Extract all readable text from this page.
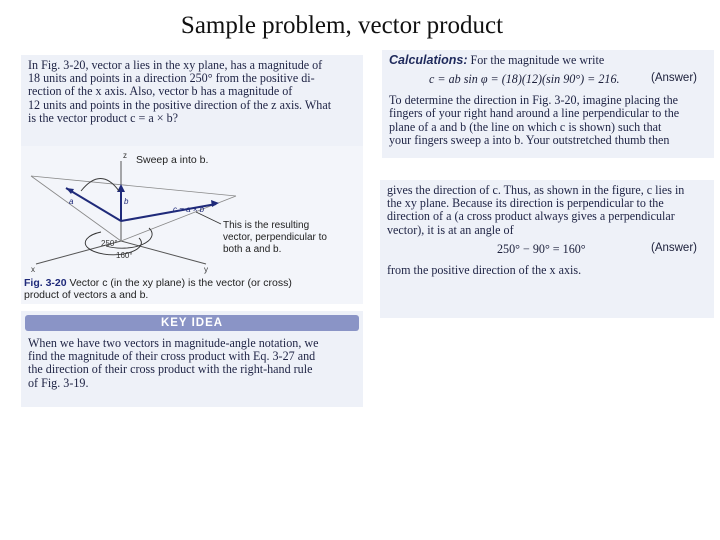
Sample problem, vector product

In Fig. 3-20, vector a lies in the xy plane, has a magnitude of

18 units and points in a direction 250° from the positive di-

rection of the x axis. Also, vector b has a magnitude of

12 units and points in the positive direction of the z axis. What

is the vector product c = a × b?

z
x	y
a	b
c = a × b
250°
160°
Sweep a into b.
This is the resulting
vector, perpendicular to
both a and b.
Fig. 3-20 Vector c (in the xy plane) is the vector (or cross)
product of vectors a and b.
KEY IDEA

When we have two vectors in magnitude-angle notation, we

find the magnitude of their cross product with Eq. 3-27 and

the direction of their cross product with the right-hand rule

of Fig. 3-19.

Calculations: For the magnitude we write

c = ab sin φ = (18)(12)(sin 90°) = 216.	(Answer)

To determine the direction in Fig. 3-20, imagine placing the

fingers of your right hand around a line perpendicular to the

plane of a and b (the line on which c is shown) such that

your fingers sweep a into b. Your outstretched thumb then

gives the direction of c. Thus, as shown in the figure, c lies in

the xy plane. Because its direction is perpendicular to the

direction of a (a cross product always gives a perpendicular

vector), it is at an angle of

250° − 90° = 160°	(Answer)

from the positive direction of the x axis.
